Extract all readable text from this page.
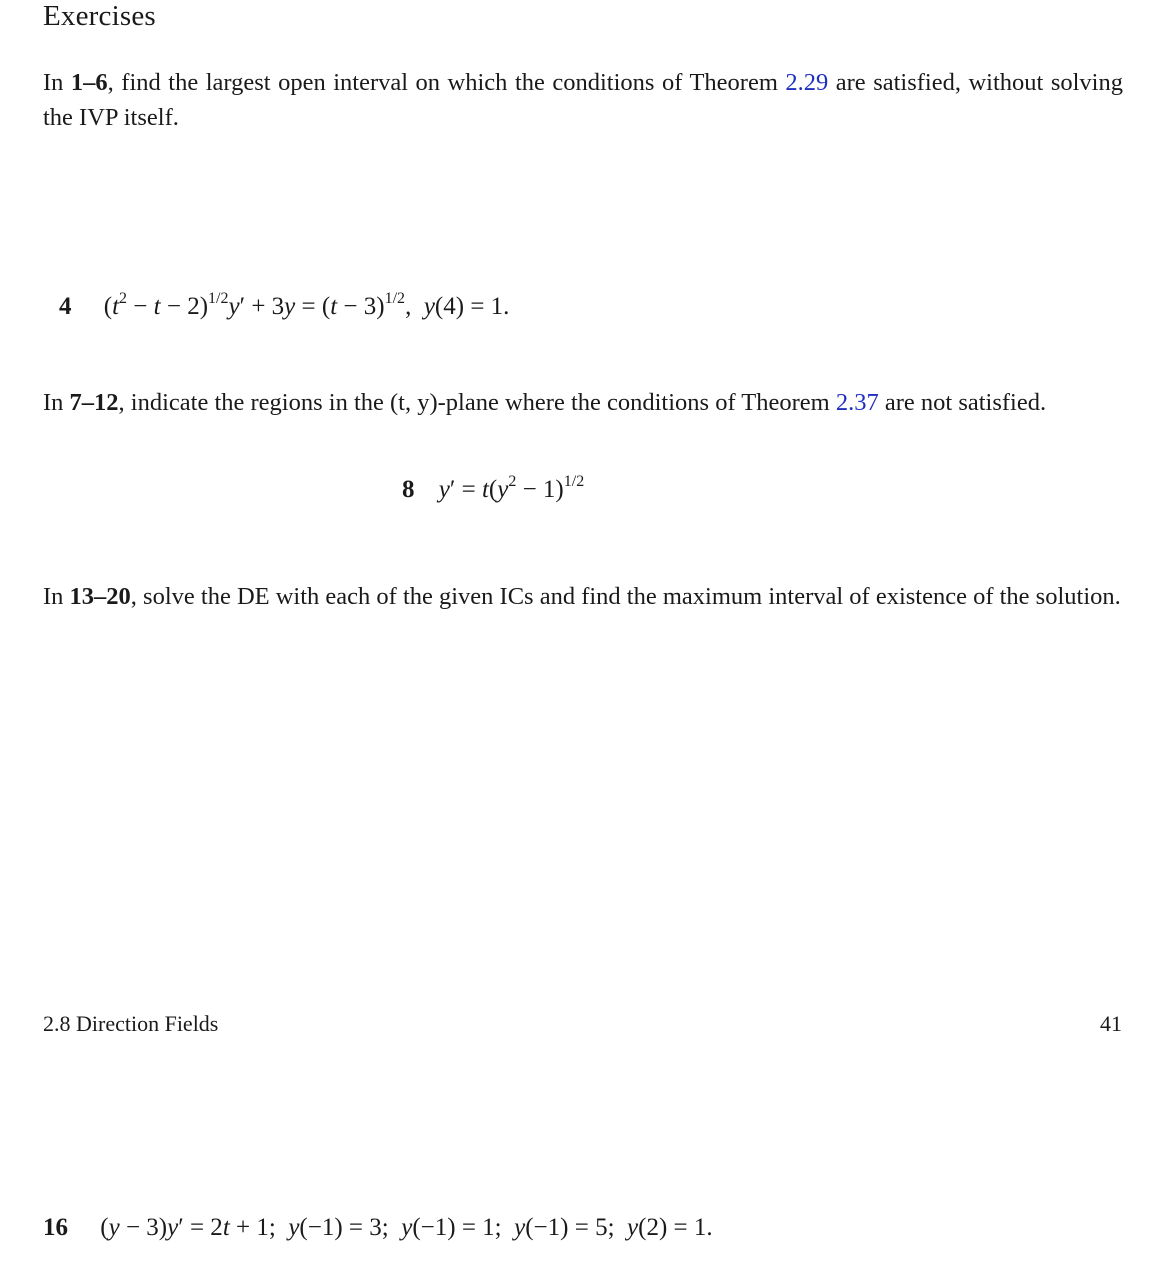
Exercises

In 1–6, find the largest open interval on which the conditions of Theorem 2.29 are satisfied, without solving the IVP itself.

4 $(t^2 - t - 2)^{1/2}y' + 3y = (t - 3)^{1/2}$,  y(4) = 1.

In 7–12, indicate the regions in the (t, y)-plane where the conditions of Theorem 2.37 are not satisfied.

8 $y' = t(y^2 - 1)^{1/2}$

In 13–20, solve the DE with each of the given ICs and find the maximum interval of existence of the solution.

2.8 Direction Fields	41
16 (y − 3)y′ = 2t + 1;  y(−1) = 3;  y(−1) = 1;  y(−1) = 5;  y(2) = 1.
